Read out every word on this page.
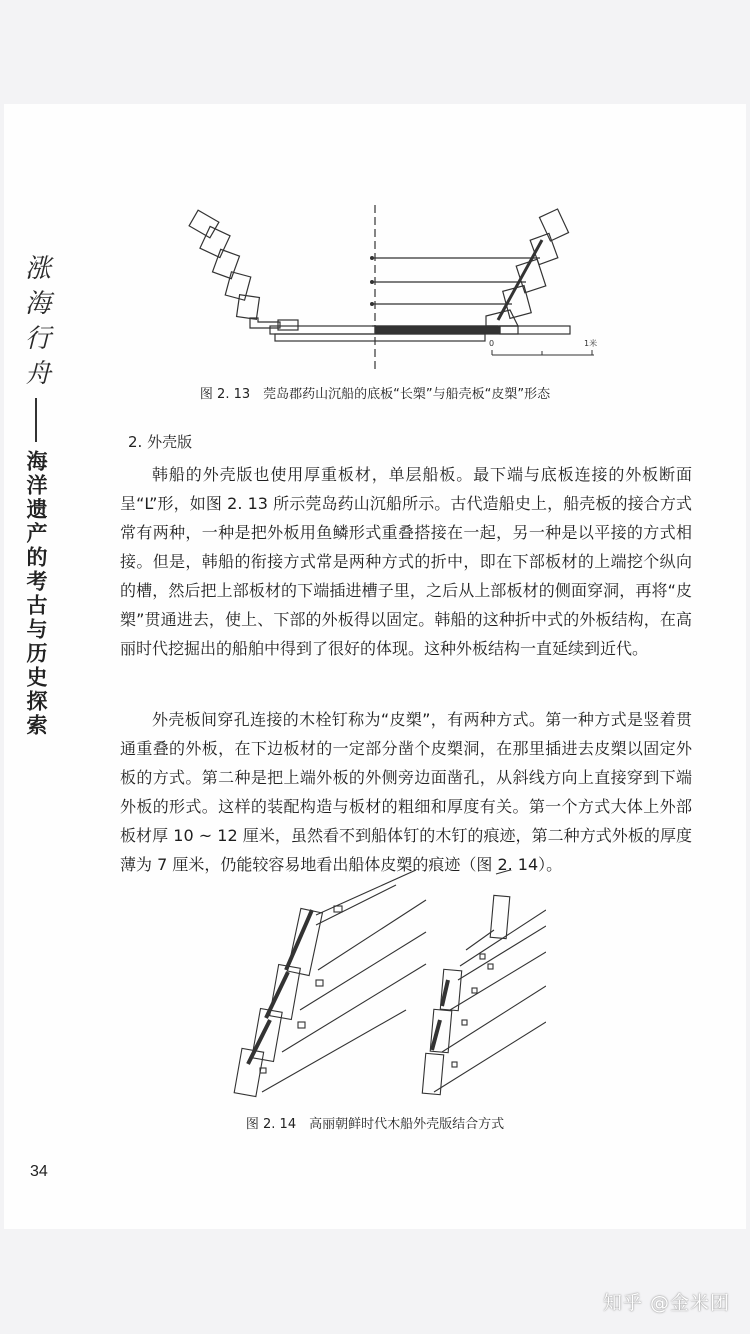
涨海行舟
海洋遗产的考古与历史探索
0	1米
图 2. 13　莞岛郡药山沉船的底板“长槊”与船壳板“皮槊”形态
2. 外壳版

韩船的外壳版也使用厚重板材，单层船板。最下端与底板连接的外板断面呈“L”形，如图 2. 13 所示莞岛药山沉船所示。古代造船史上，船壳板的接合方式常有两种，一种是把外板用鱼鳞形式重叠搭接在一起，另一种是以平接的方式相接。但是，韩船的衔接方式常是两种方式的折中，即在下部板材的上端挖个纵向的槽，然后把上部板材的下端插进槽子里，之后从上部板材的侧面穿洞，再将“皮槊”贯通进去，使上、下部的外板得以固定。韩船的这种折中式的外板结构，在高丽时代挖掘出的船舶中得到了很好的体现。这种外板结构一直延续到近代。

外壳板间穿孔连接的木栓钉称为“皮槊”，有两种方式。第一种方式是竖着贯通重叠的外板，在下边板材的一定部分凿个皮槊洞，在那里插进去皮槊以固定外板的方式。第二种是把上端外板的外侧旁边面凿孔，从斜线方向上直接穿到下端外板的形式。这样的装配构造与板材的粗细和厚度有关。第一个方式大体上外部板材厚 10 ~ 12 厘米，虽然看不到船体钉的木钉的痕迹，第二种方式外板的厚度薄为 7 厘米，仍能较容易地看出船体皮槊的痕迹（图 2. 14）。

图 2. 14　高丽朝鲜时代木船外壳版结合方式
34
知乎 @金米团
